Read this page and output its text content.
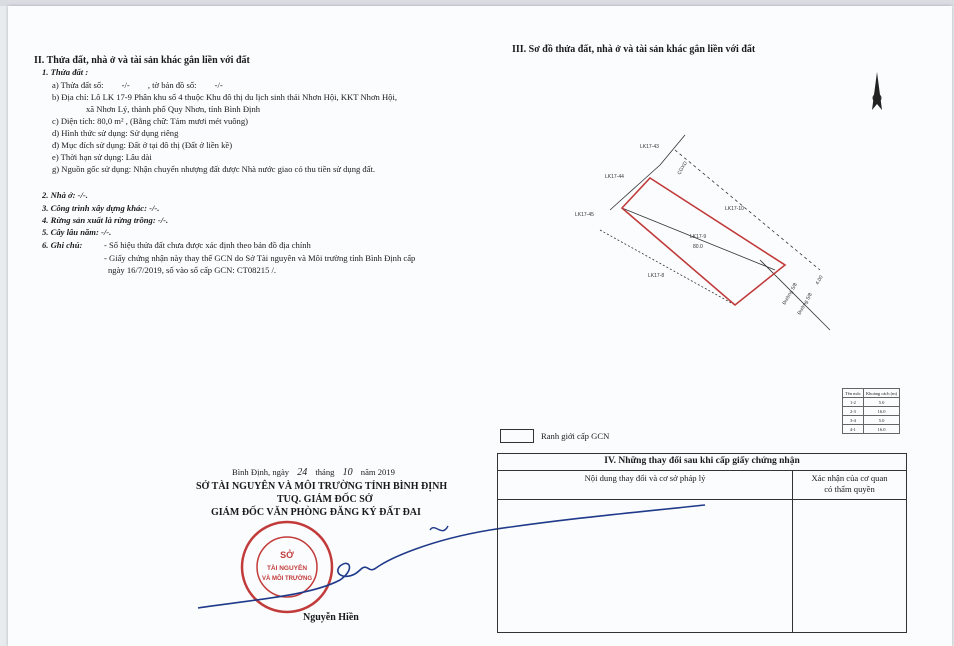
II. Thửa đất, nhà ở và tài sản khác gắn liền với đất
1. Thửa đất :
a) Thửa đất số: -/- , tờ bản đồ số: -/-
b) Địa chỉ: Lô LK 17-9 Phân khu số 4 thuộc Khu đô thị du lịch sinh thái Nhơn Hội, KKT Nhơn Hội,
xã Nhơn Lý, thành phố Quy Nhơn, tỉnh Bình Định
c) Diện tích: 80,0 m² , (Bằng chữ: Tám mươi mét vuông)
d) Hình thức sử dụng: Sử dụng riêng
đ) Mục đích sử dụng: Đất ở tại đô thị (Đất ở liền kề)
e) Thời hạn sử dụng: Lâu dài
g) Nguồn gốc sử dụng: Nhận chuyển nhượng đất được Nhà nước giao có thu tiền sử dụng đất.
2. Nhà ở: -/-.
3. Công trình xây dựng khác: -/-.
4. Rừng sản xuất là rừng trồng: -/-.
5. Cây lâu năm: -/-.
6. Ghi chú:	- Số hiệu thửa đất chưa được xác định theo bản đồ địa chính
- Giấy chứng nhận này thay thế GCN do Sở Tài nguyên và Môi trường tỉnh Bình Định cấp
ngày 16/7/2019, số vào sổ cấp GCN: CT08215 /.
III. Sơ đồ thửa đất, nhà ở và tài sản khác gắn liền với đất
LK17-43
LK17-44
LK17-45
LK17-10
LK17-9
80.0
LK17-8
CGXD
Đường 5/8
Đường 5/8
4.00
Tên mốc	Khoảng cách (m)
1-2	5.0
2-3	16.0
3-4	5.0
4-1	16.0
Ranh giới cấp GCN
Bình Định, ngày 24 tháng 10 năm 2019
SỞ TÀI NGUYÊN VÀ MÔI TRƯỜNG TỈNH BÌNH ĐỊNH
TUQ. GIÁM ĐỐC SỞ
GIÁM ĐỐC VĂN PHÒNG ĐĂNG KÝ ĐẤT ĐAI
SỞ
TÀI NGUYÊN
VÀ MÔI TRƯỜNG
Nguyễn Hiền
IV. Những thay đổi sau khi cấp giấy chứng nhận	
Nội dung thay đổi và cơ sở pháp lý	Xác nhận của cơ quan
có thẩm quyền
